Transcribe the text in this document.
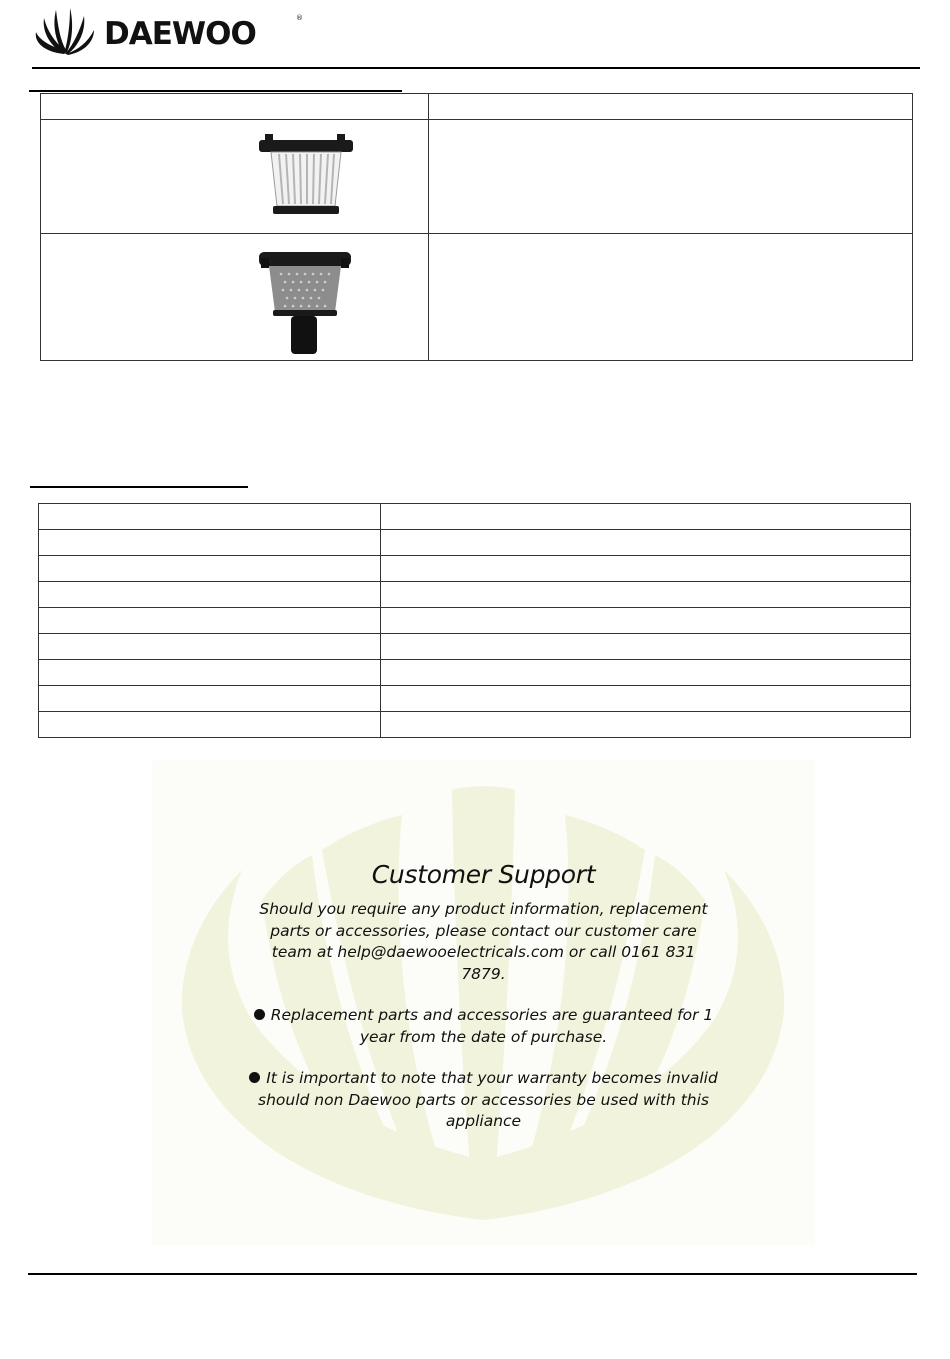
DAEWOO	®

Customer Support
Should you require any product information, replacement parts or accessories, please contact our customer care team at help@daewooelectricals.com or call 0161 831 7879.
Replacement parts and accessories are guaranteed for 1 year from the date of purchase.
It is important to note that your warranty becomes invalid should non Daewoo parts or accessories be used with this appliance
